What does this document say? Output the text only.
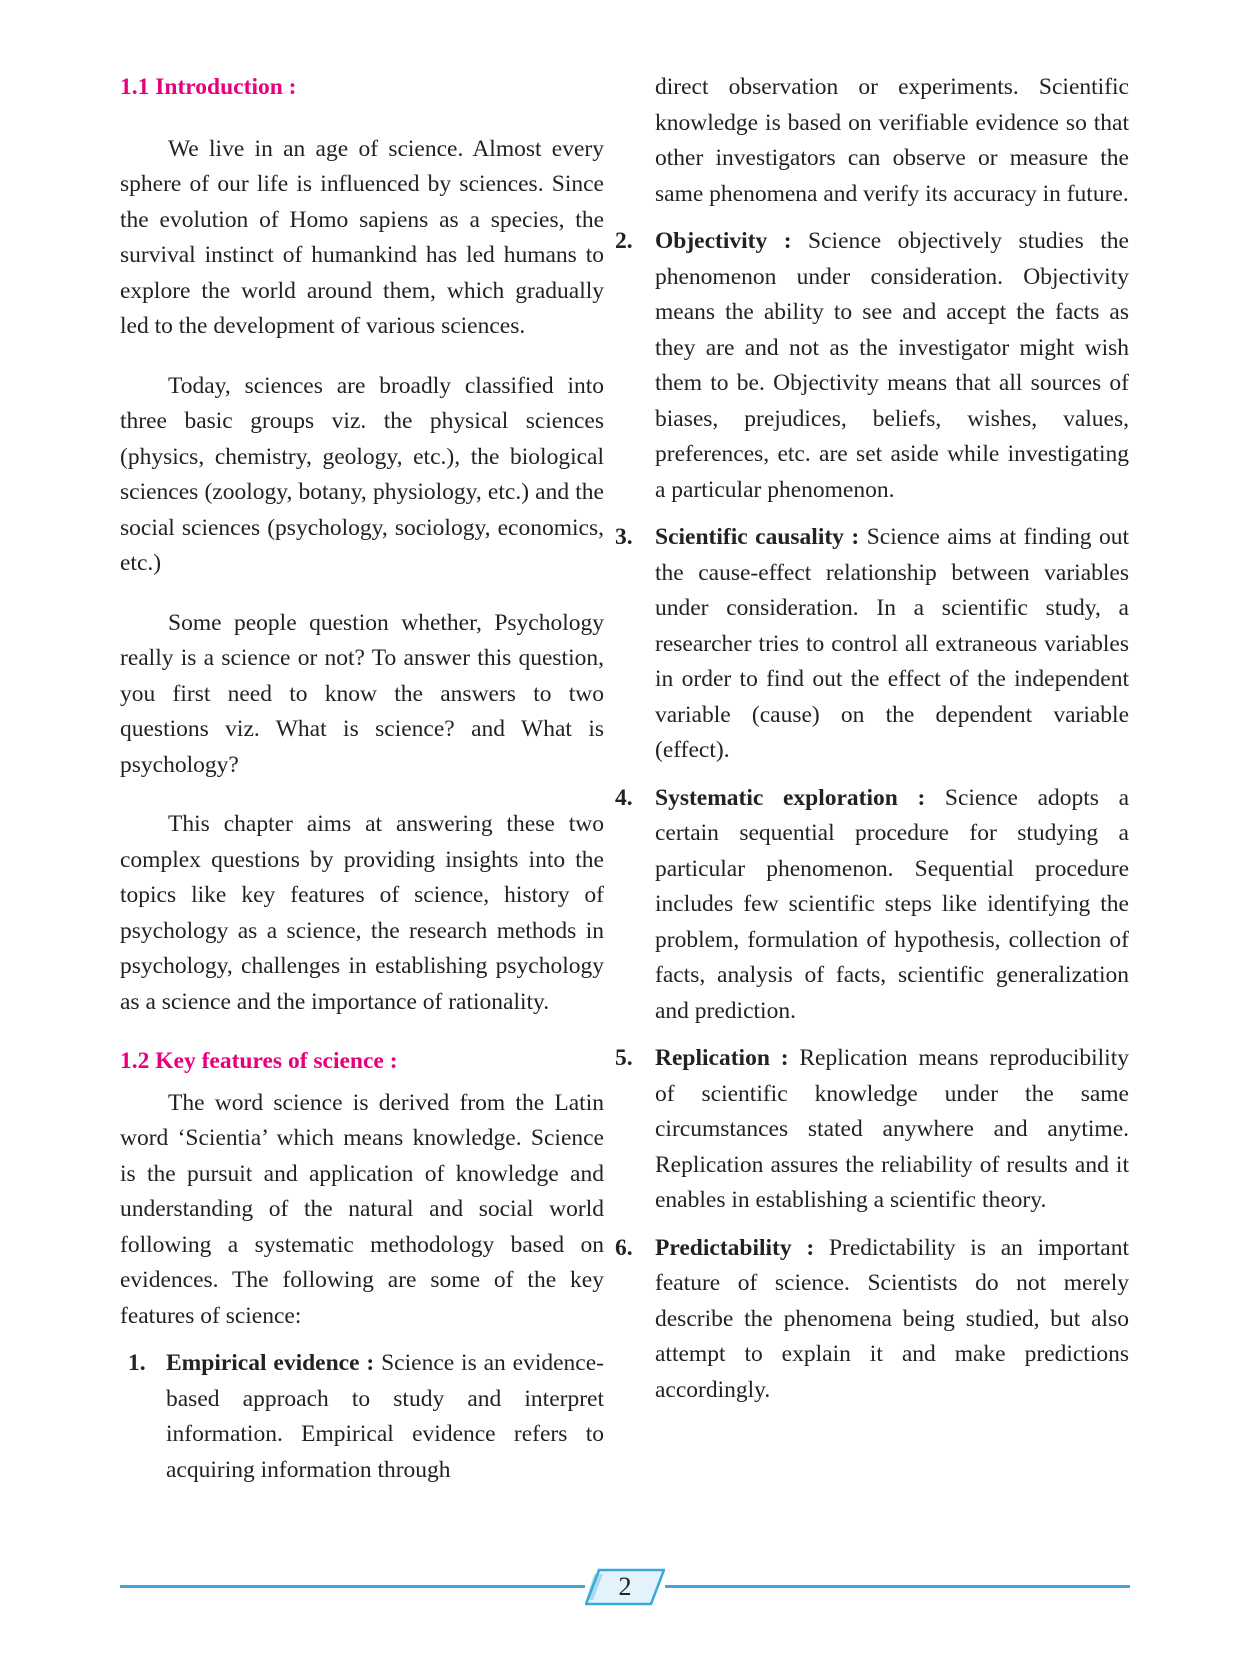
1.1 Introduction :

We live in an age of science. Almost every sphere of our life is influenced by sciences. Since the evolution of Homo sapiens as a species, the survival instinct of humankind has led humans to explore the world around them, which gradually led to the development of various sciences.

Today, sciences are broadly classified into three basic groups viz. the physical sciences (physics, chemistry, geology, etc.), the biological sciences (zoology, botany, physiology, etc.) and the social sciences (psychology, sociology, economics, etc.)

Some people question whether, Psychology really is a science or not? To answer this question, you first need to know the answers to two questions viz. What is science? and What is psychology?

This chapter aims at answering these two complex questions by providing insights into the topics like key features of science, history of psychology as a science, the research methods in psychology, challenges in establishing psychology as a science and the importance of rationality.

1.2 Key features of science :

The word science is derived from the Latin word ‘Scientia’ which means knowledge. Science is the pursuit and application of knowledge and understanding of the natural and social world following a systematic methodology based on evidences. The following are some of the key features of science:

1. Empirical evidence : Science is an evidence-based approach to study and interpret information. Empirical evidence refers to acquiring information through

direct observation or experiments. Scientific knowledge is based on verifiable evidence so that other investigators can observe or measure the same phenomena and verify its accuracy in future.

2. Objectivity : Science objectively studies the phenomenon under consideration. Objectivity means the ability to see and accept the facts as they are and not as the investigator might wish them to be. Objectivity means that all sources of biases, prejudices, beliefs, wishes, values, preferences, etc. are set aside while investigating a particular phenomenon.

3. Scientific causality : Science aims at finding out the cause-effect relationship between variables under consideration. In a scientific study, a researcher tries to control all extraneous variables in order to find out the effect of the independent variable (cause) on the dependent variable (effect).

4. Systematic exploration : Science adopts a certain sequential procedure for studying a particular phenomenon. Sequential procedure includes few scientific steps like identifying the problem, formulation of hypothesis, collection of facts, analysis of facts, scientific generalization and prediction.

5. Replication : Replication means reproducibility of scientific knowledge under the same circumstances stated anywhere and anytime. Replication assures the reliability of results and it enables in establishing a scientific theory.

6. Predictability : Predictability is an important feature of science. Scientists do not merely describe the phenomena being studied, but also attempt to explain it and make predictions accordingly.

2
